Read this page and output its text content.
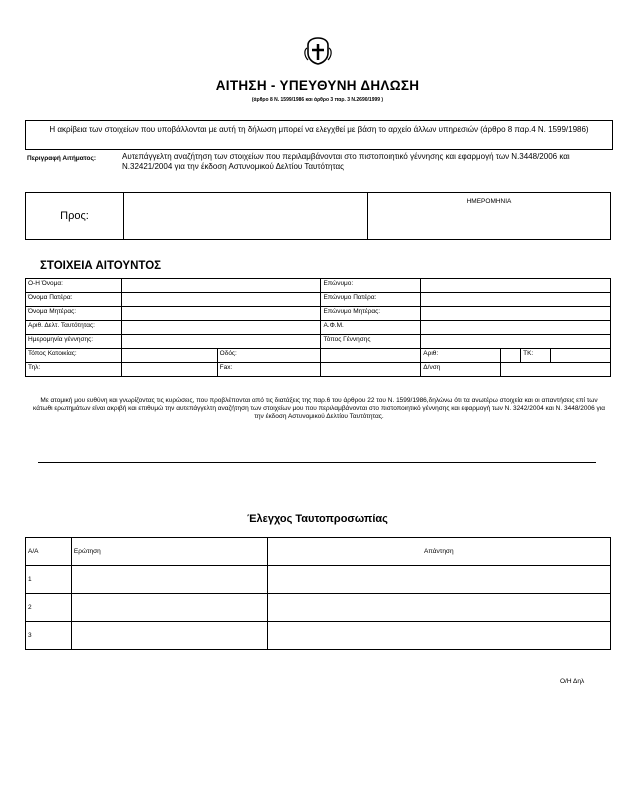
ΑΙΤΗΣΗ - ΥΠΕΥΘΥΝΗ ΔΗΛΩΣΗ
(άρθρο 8 Ν. 1599/1986 και άρθρο 3 παρ. 3 Ν.2690/1999 )
Η ακρίβεια των στοιχείων που υποβάλλονται με αυτή τη δήλωση μπορεί να ελεγχθεί με βάση το αρχείο άλλων υπηρεσιών (άρθρο 8 παρ.4 Ν. 1599/1986)
Περιγραφή Αιτήματος:	Αυτεπάγγελτη αναζήτηση των στοιχείων που περιλαμβάνονται στο πιστοποιητικό γέννησης και εφαρμογή των Ν.3448/2006 και Ν.32421/2004 για την έκδοση Αστυνομικού Δελτίου Ταυτότητας
Προς:
ΗΜΕΡΟΜΗΝΙΑ
ΣΤΟΙΧΕΙΑ ΑΙΤΟΥΝΤΟΣ
Ο-Η Όνομα:			Επώνυμο:				
Όνομα Πατέρα:			Επώνυμο Πατέρα:				
Όνομα Μητέρας:			Επώνυμο Μητέρας:				
Αριθ. Δελτ. Ταυτότητας:			Α.Φ.Μ.				
Ημερομηνία γέννησης:			Τόπος Γέννησης				
Τόπος Κατοικίας:		Οδός:		Αριθ:		ΤΚ:	
Τηλ:		Fax:		Δ/νση			
Με ατομική μου ευθύνη και γνωρίζοντας τις κυρώσεις, που προβλέπονται από τις διατάξεις της παρ.6 του άρθρου 22 του Ν. 1599/1986,δηλώνω ότι τα ανωτέρω στοιχεία και οι απαντήσεις επί των κάτωθι ερωτημάτων είναι ακριβή και επιθυμώ την αυτεπάγγελτη αναζήτηση των στοιχείων μου που περιλαμβάνονται στο πιστοποιητικό γέννησης και εφαρμογή των Ν. 3242/2004 και Ν. 3448/2006 για την έκδοση Αστυνομικού Δελτίου Ταυτότητας.
Έλεγχος Ταυτοπροσωπίας
Α/Α	Ερώτηση	Απάντηση
1		
2		
3		
Ο/Η Δηλ
